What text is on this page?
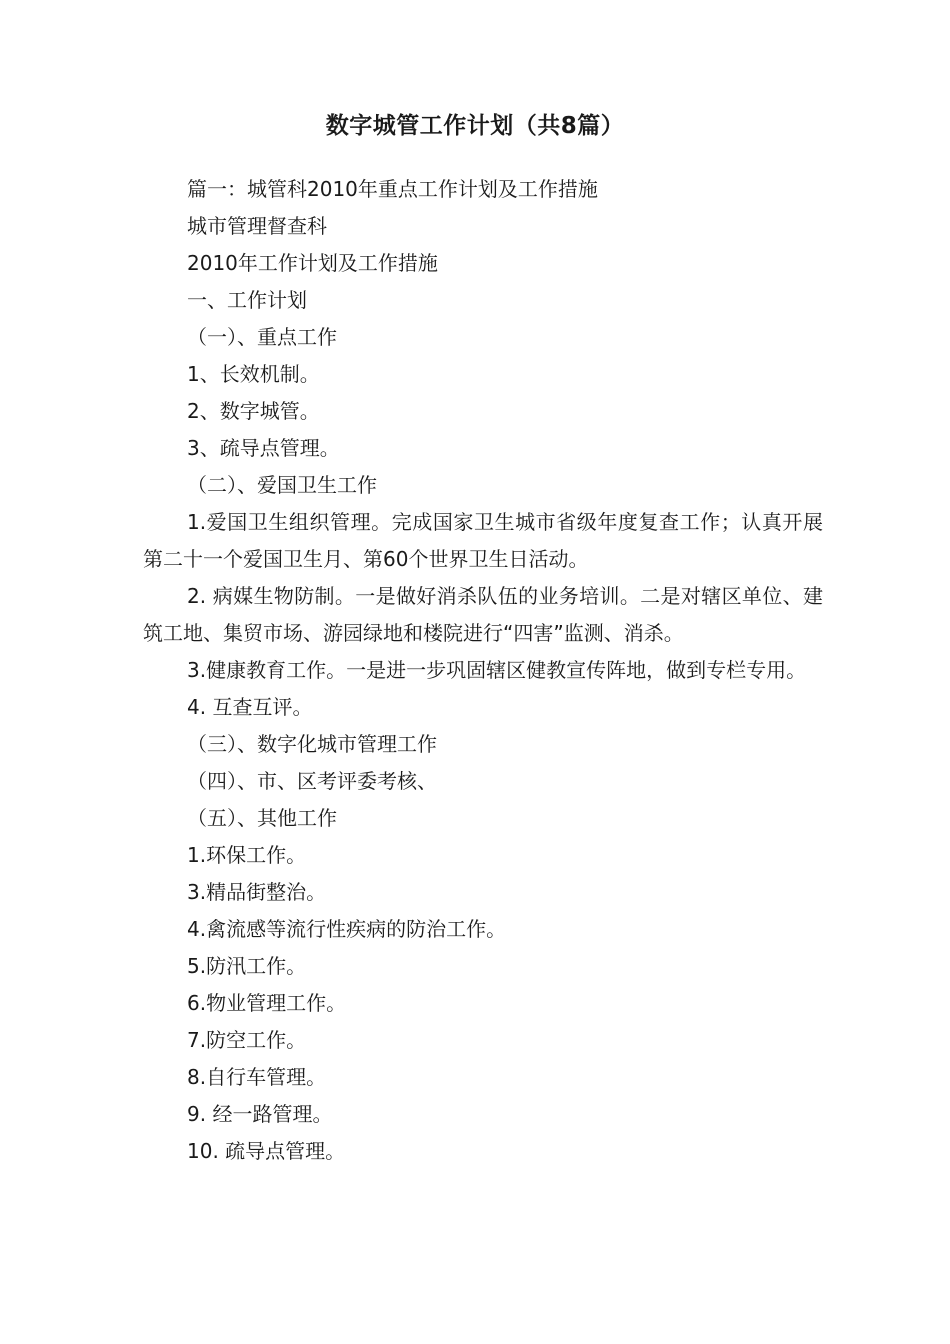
数字城管工作计划（共8篇）

篇一：城管科2010年重点工作计划及工作措施

城市管理督查科

2010年工作计划及工作措施

一、工作计划

（一）、重点工作

1、长效机制。

2、数字城管。

3、疏导点管理。

（二）、爱国卫生工作

1.爱国卫生组织管理。完成国家卫生城市省级年度复查工作；认真开展第二十一个爱国卫生月、第60个世界卫生日活动。

2. 病媒生物防制。一是做好消杀队伍的业务培训。二是对辖区单位、建筑工地、集贸市场、游园绿地和楼院进行“四害”监测、消杀。

3.健康教育工作。一是进一步巩固辖区健教宣传阵地，做到专栏专用。

4. 互查互评。

（三）、数字化城市管理工作

（四）、市、区考评委考核、

（五）、其他工作

1.环保工作。

3.精品街整治。

4.禽流感等流行性疾病的防治工作。

5.防汛工作。

6.物业管理工作。

7.防空工作。

8.自行车管理。

9. 经一路管理。

10. 疏导点管理。
